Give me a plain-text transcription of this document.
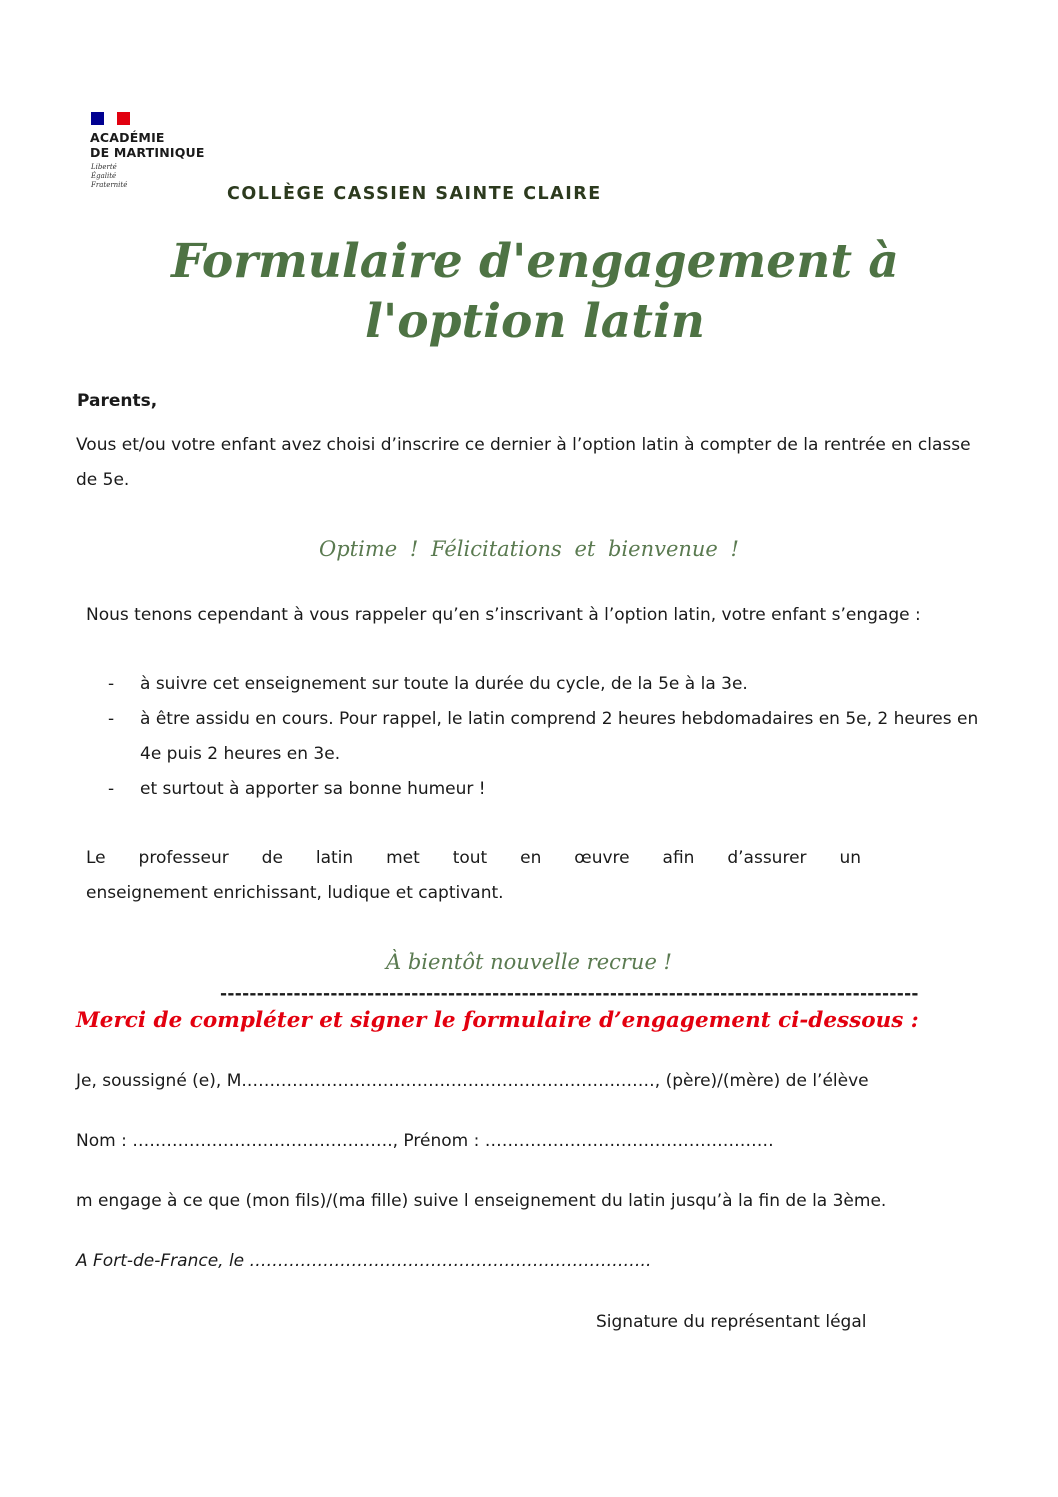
ACADÉMIE
DE MARTINIQUE
Liberté
Égalité
Fraternité	COLLÈGE CASSIEN SAINTE CLAIRE
Formulaire d'engagement à l'option latin
Parents,
Vous et/ou votre enfant avez choisi d’inscrire ce dernier à l’option latin à compter de la rentrée en classe de 5e.
Optime ! Félicitations et bienvenue !
Nous tenons cependant à vous rappeler qu’en s’inscrivant à l’option latin, votre enfant s’engage :
- à suivre cet enseignement sur toute la durée du cycle, de la 5e à la 3e.
- à être assidu en cours. Pour rappel, le latin comprend 2 heures hebdomadaires en 5e, 2 heures en 4e puis 2 heures en 3e.
- et surtout à apporter sa bonne humeur !
Le professeur de latin met tout en œuvre afin d’assurer un
enseignement enrichissant, ludique et captivant.
À bientôt nouvelle recrue !
-----------------------------------------------------------------------------------------------
Merci de compléter et signer le formulaire d’engagement ci-dessous :
Je, soussigné (e), M.………………………………………………………………, (père)/(mère) de l’élève
Nom : ………………………………………., Prénom : ……………………………………………
m engage à ce que (mon fils)/(ma fille) suive l enseignement du latin jusqu’à la fin de la 3ème.
A Fort-de-France, le ……………………………………………………………..
Signature du représentant légal
